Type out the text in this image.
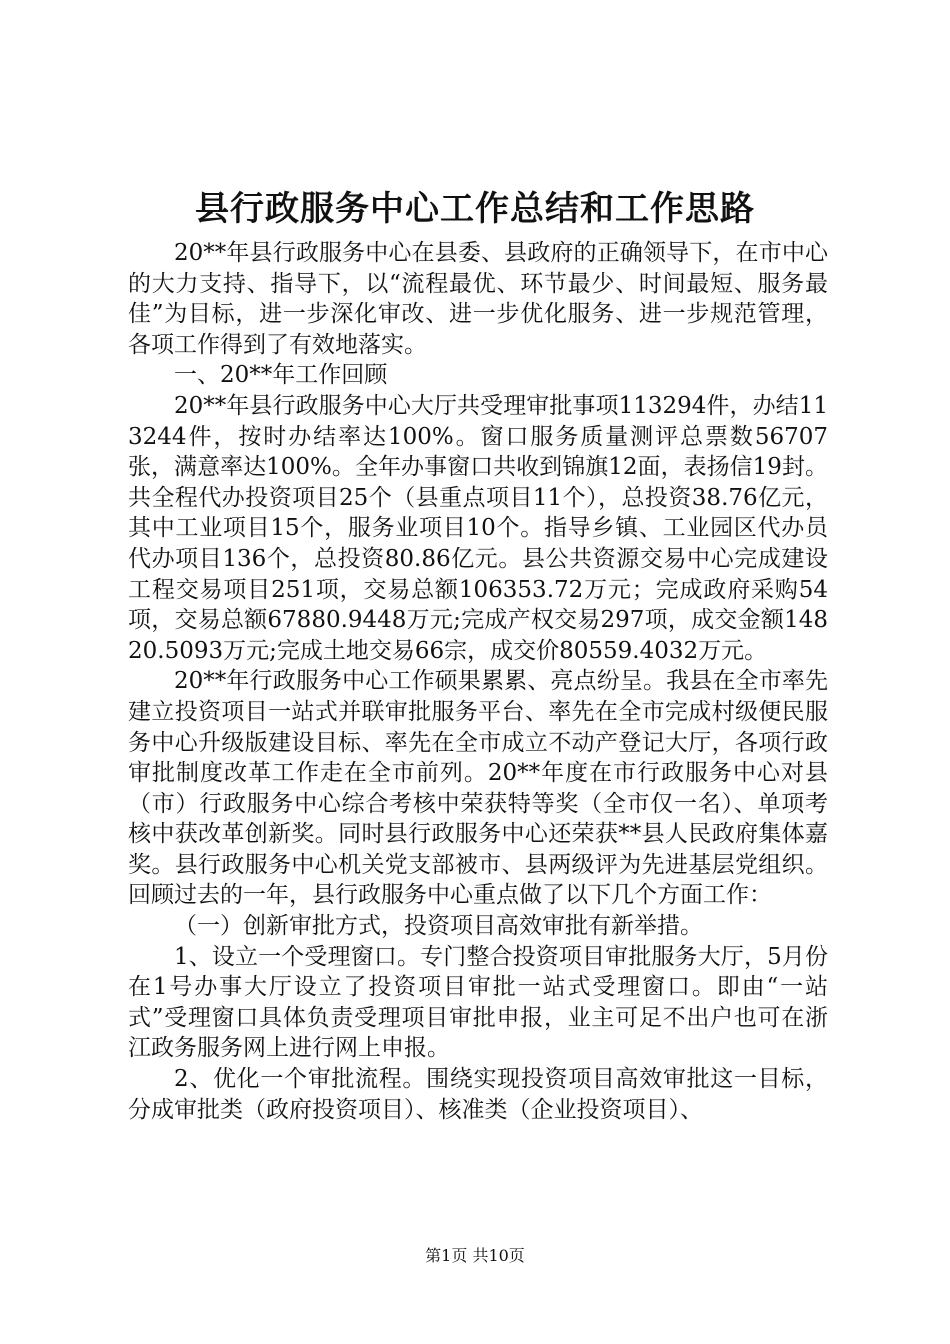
县行政服务中心工作总结和工作思路

20**年县行政服务中心在县委、县政府的正确领导下，在市中心的大力支持、指导下，以“流程最优、环节最少、时间最短、服务最佳”为目标，进一步深化审改、进一步优化服务、进一步规范管理，各项工作得到了有效地落实。

一、20**年工作回顾

20**年县行政服务中心大厅共受理审批事项113294件，办结113244件，按时办结率达100%。窗口服务质量测评总票数56707张，满意率达100%。全年办事窗口共收到锦旗12面，表扬信19封。共全程代办投资项目25个（县重点项目11个），总投资38.76亿元，其中工业项目15个，服务业项目10个。指导乡镇、工业园区代办员代办项目136个，总投资80.86亿元。县公共资源交易中心完成建设工程交易项目251项，交易总额106353.72万元；完成政府采购54项，交易总额67880.9448万元;完成产权交易297项，成交金额14820.5093万元;完成土地交易66宗，成交价80559.4032万元。

20**年行政服务中心工作硕果累累、亮点纷呈。我县在全市率先建立投资项目一站式并联审批服务平台、率先在全市完成村级便民服务中心升级版建设目标、率先在全市成立不动产登记大厅，各项行政审批制度改革工作走在全市前列。20**年度在市行政服务中心对县（市）行政服务中心综合考核中荣获特等奖（全市仅一名）、单项考核中获改革创新奖。同时县行政服务中心还荣获**县人民政府集体嘉奖。县行政服务中心机关党支部被市、县两级评为先进基层党组织。回顾过去的一年，县行政服务中心重点做了以下几个方面工作：

（一）创新审批方式，投资项目高效审批有新举措。

1、设立一个受理窗口。专门整合投资项目审批服务大厅，5月份在1号办事大厅设立了投资项目审批一站式受理窗口。即由“一站式”受理窗口具体负责受理项目审批申报，业主可足不出户也可在浙江政务服务网上进行网上申报。

2、优化一个审批流程。围绕实现投资项目高效审批这一目标，分成审批类（政府投资项目）、核准类（企业投资项目）、

第1页 共10页
